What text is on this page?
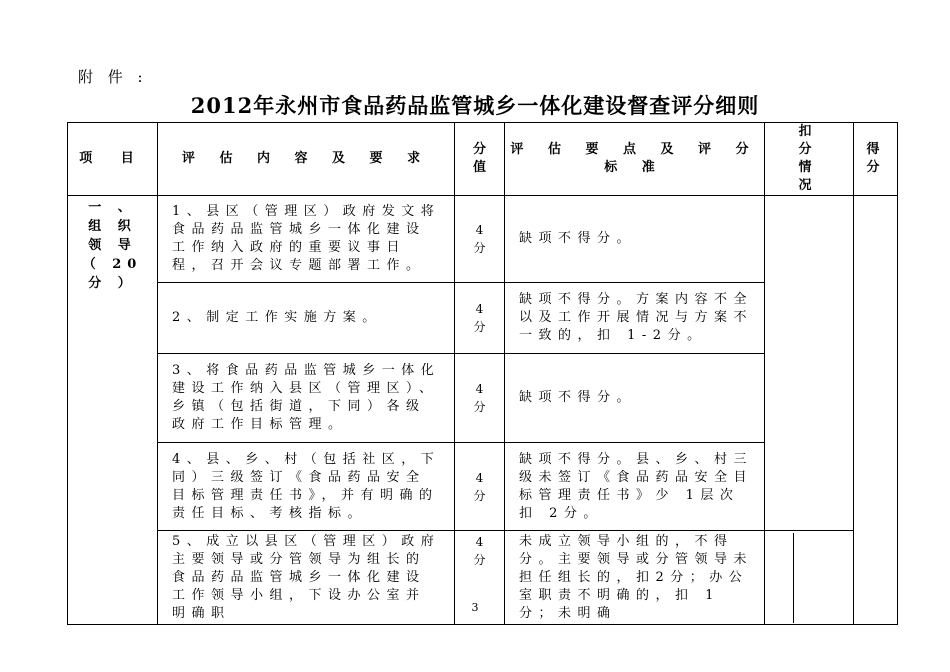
附 件 :
2012年永州市食品药品监管城乡一体化建设督查评分细则
项 目	评 估 内 容 及 要 求	分值	评 估 要 点 及 评 分 标 准	扣 分 情 况	得 分
一 、 组 织 领 导 （ 20 分 ）	1、县区（管理区）政府发文将食品药品监管城乡一体化建设工作纳入政府的重要议事日程，召开会议专题部署工作。	4分	缺项不得分。		
	2、制定工作实施方案。	4分	缺项不得分。方案内容不全以及工作开展情况与方案不一致的，扣 1-2分。		
	3、将食品药品监管城乡一体化建设工作纳入县区（管理区）、乡镇（包括街道，下同）各级政府工作目标管理。	4分	缺项不得分。		
	4、县、乡、村（包括社区，下同）三级签订《食品药品安全目标管理责任书》，并有明确的责任目标、考核指标。	4分	缺项不得分。县、乡、村三级未签订《食品药品安全目标管理责任书》少 1层次扣 2分。		
	5、成立以县区（管理区）政府主要领导或分管领导为组长的食品药品监管城乡一体化建设工作领导小组，下设办公室并明确职	4分	未成立领导小组的，不得分。主要领导或分管领导未担任组长的，扣2分；办公室职责不明确的，扣 1分；未明确		
3
